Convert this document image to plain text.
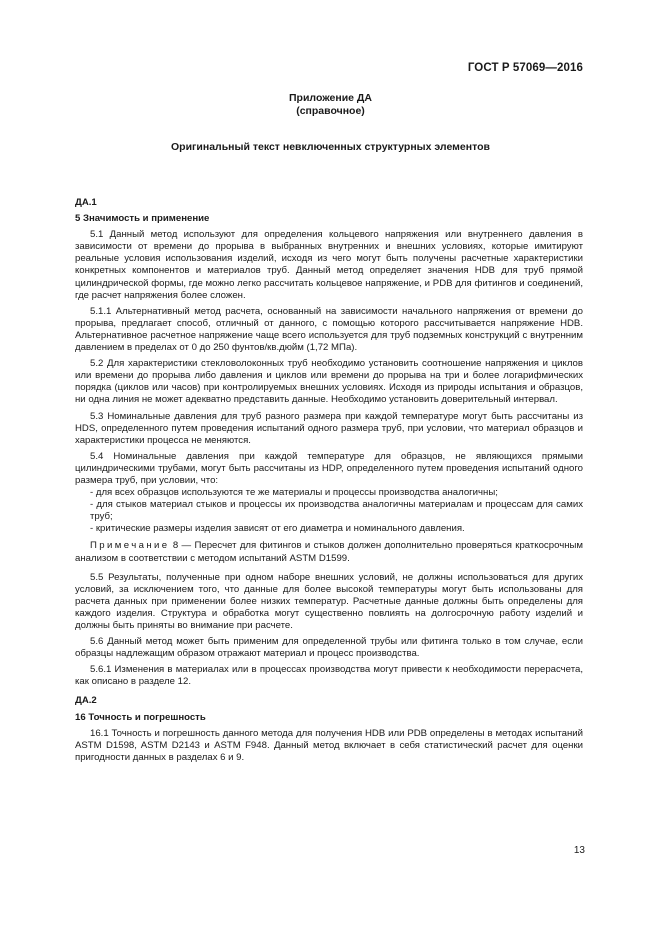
ГОСТ Р 57069—2016
Приложение ДА
(справочное)
Оригинальный текст невключенных структурных элементов

ДА.1

5 Значимость и применение

5.1 Данный метод используют для определения кольцевого напряжения или внутреннего давления в зависимости от времени до прорыва в выбранных внутренних и внешних условиях, которые имитируют реальные условия использования изделий, исходя из чего могут быть получены расчетные характеристики конкретных компонентов и материалов труб. Данный метод определяет значения HDB для труб прямой цилиндрической формы, где можно легко рассчитать кольцевое напряжение, и PDB для фитингов и соединений, где расчет напряжения более сложен.

5.1.1 Альтернативный метод расчета, основанный на зависимости начального напряжения от времени до прорыва, предлагает способ, отличный от данного, с помощью которого рассчитывается напряжение HDB. Альтернативное расчетное напряжение чаще всего используется для труб подземных конструкций с внутренним давлением в пределах от 0 до 250 фунтов/кв.дюйм (1,72 МПа).

5.2 Для характеристики стекловолоконных труб необходимо установить соотношение напряжения и циклов или времени до прорыва либо давления и циклов или времени до прорыва на три и более логарифмических порядка (циклов или часов) при контролируемых внешних условиях. Исходя из природы испытания и образцов, ни одна линия не может адекватно представить данные. Необходимо установить доверительный интервал.

5.3 Номинальные давления для труб разного размера при каждой температуре могут быть рассчитаны из HDS, определенного путем проведения испытаний одного размера труб, при условии, что материал образцов и характеристики процесса не меняются.

5.4 Номинальные давления при каждой температуре для образцов, не являющихся прямыми цилиндрическими трубами, могут быть рассчитаны из HDP, определенного путем проведения испытаний одного размера труб, при условии, что:

- для всех образцов используются те же материалы и процессы производства аналогичны;

- для стыков материал стыков и процессы их производства аналогичны материалам и процессам для самих труб;

- критические размеры изделия зависят от его диаметра и номинального давления.

Примечание 8 — Пересчет для фитингов и стыков должен дополнительно проверяться краткосрочным анализом в соответствии с методом испытаний ASTM D1599.

5.5 Результаты, полученные при одном наборе внешних условий, не должны использоваться для других условий, за исключением того, что данные для более высокой температуры могут быть использованы для расчета данных при применении более низких температур. Расчетные данные должны быть определены для каждого изделия. Структура и обработка могут существенно повлиять на долгосрочную работу изделий и должны быть приняты во внимание при расчете.

5.6 Данный метод может быть применим для определенной трубы или фитинга только в том случае, если образцы надлежащим образом отражают материал и процесс производства.

5.6.1 Изменения в материалах или в процессах производства могут привести к необходимости перерасчета, как описано в разделе 12.

ДА.2

16 Точность и погрешность

16.1 Точность и погрешность данного метода для получения HDB или PDB определены в методах испытаний ASTM D1598, ASTM D2143 и ASTM F948. Данный метод включает в себя статистический расчет для оценки пригодности данных в разделах 6 и 9.

13
